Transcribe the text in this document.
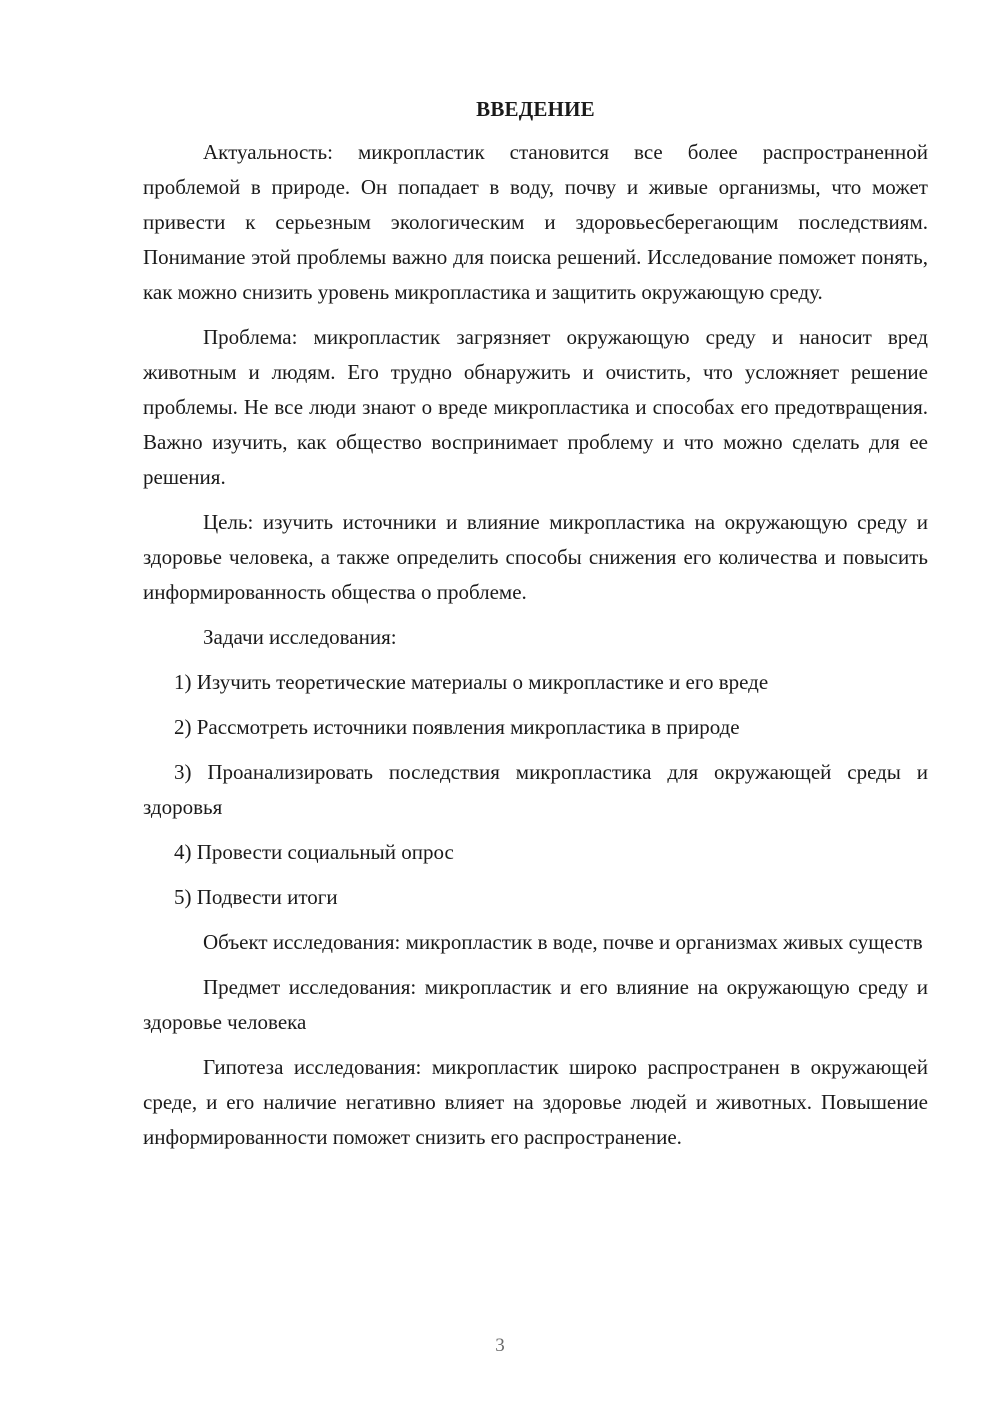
ВВЕДЕНИЕ

Актуальность: микропластик становится все более распространенной проблемой в природе. Он попадает в воду, почву и живые организмы, что может привести к серьезным экологическим и здоровьесберегающим последствиям. Понимание этой проблемы важно для поиска решений. Исследование поможет понять, как можно снизить уровень микропластика и защитить окружающую среду.

Проблема: микропластик загрязняет окружающую среду и наносит вред животным и людям. Его трудно обнаружить и очистить, что усложняет решение проблемы. Не все люди знают о вреде микропластика и способах его предотвращения. Важно изучить, как общество воспринимает проблему и что можно сделать для ее решения.

Цель: изучить источники и влияние микропластика на окружающую среду и здоровье человека, а также определить способы снижения его количества и повысить информированность общества о проблеме.

Задачи исследования:

1) Изучить теоретические материалы о микропластике и его вреде

2) Рассмотреть источники появления микропластика в природе

3) Проанализировать последствия микропластика для окружающей среды и здоровья

4) Провести социальный опрос

5) Подвести итоги

Объект исследования: микропластик в воде, почве и организмах живых существ

Предмет исследования: микропластик и его влияние на окружающую среду и здоровье человека

Гипотеза исследования: микропластик широко распространен в окружающей среде, и его наличие негативно влияет на здоровье людей и животных. Повышение информированности поможет снизить его распространение.

3
